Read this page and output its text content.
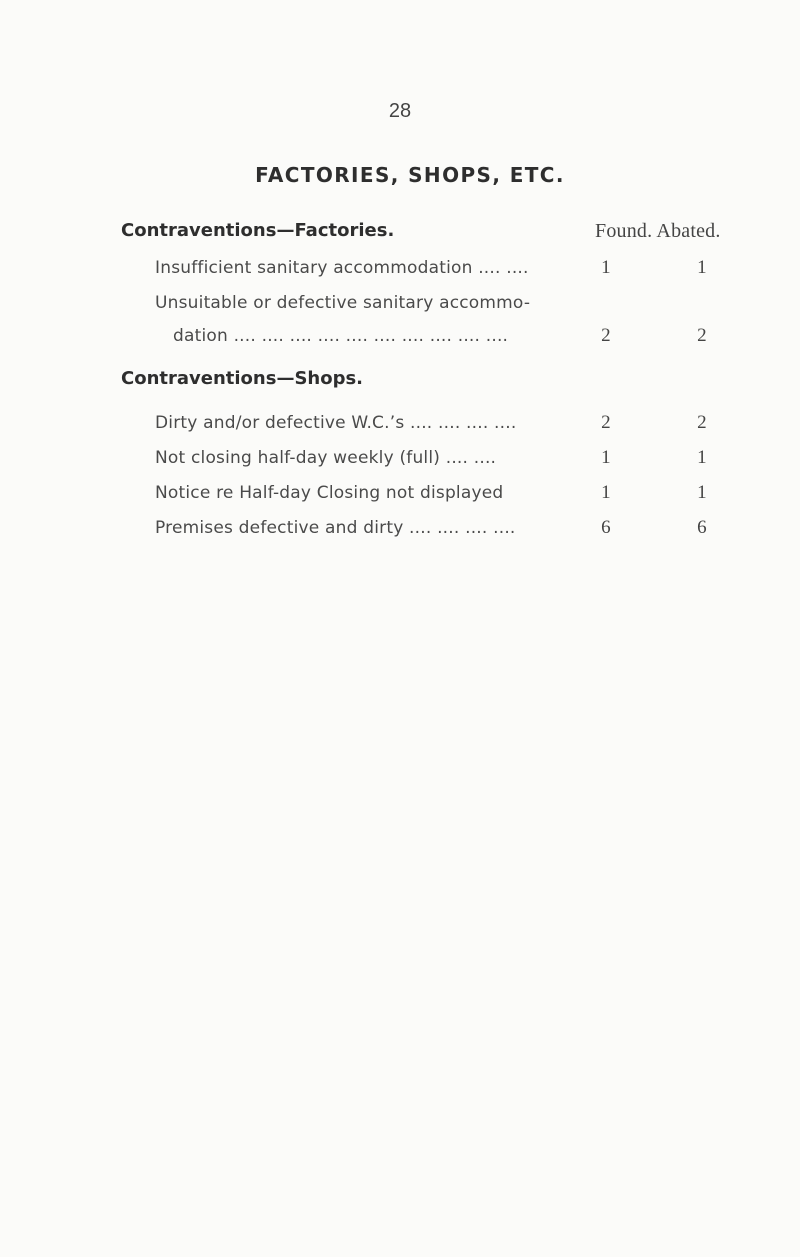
28
FACTORIES, SHOPS, ETC.
Found. Abated.
Contraventions—Factories.
Insufficient sanitary accommodation .... ....	1	1
Unsuitable or defective sanitary accommo-
dation .... .... .... .... .... .... .... .... .... ....	2	2
Contraventions—Shops.
Dirty and/or defective W.C.’s .... .... .... ....	2	2
Not closing half-day weekly (full) .... ....	1	1
Notice re Half-day Closing not displayed	1	1
Premises defective and dirty .... .... .... ....	6	6
